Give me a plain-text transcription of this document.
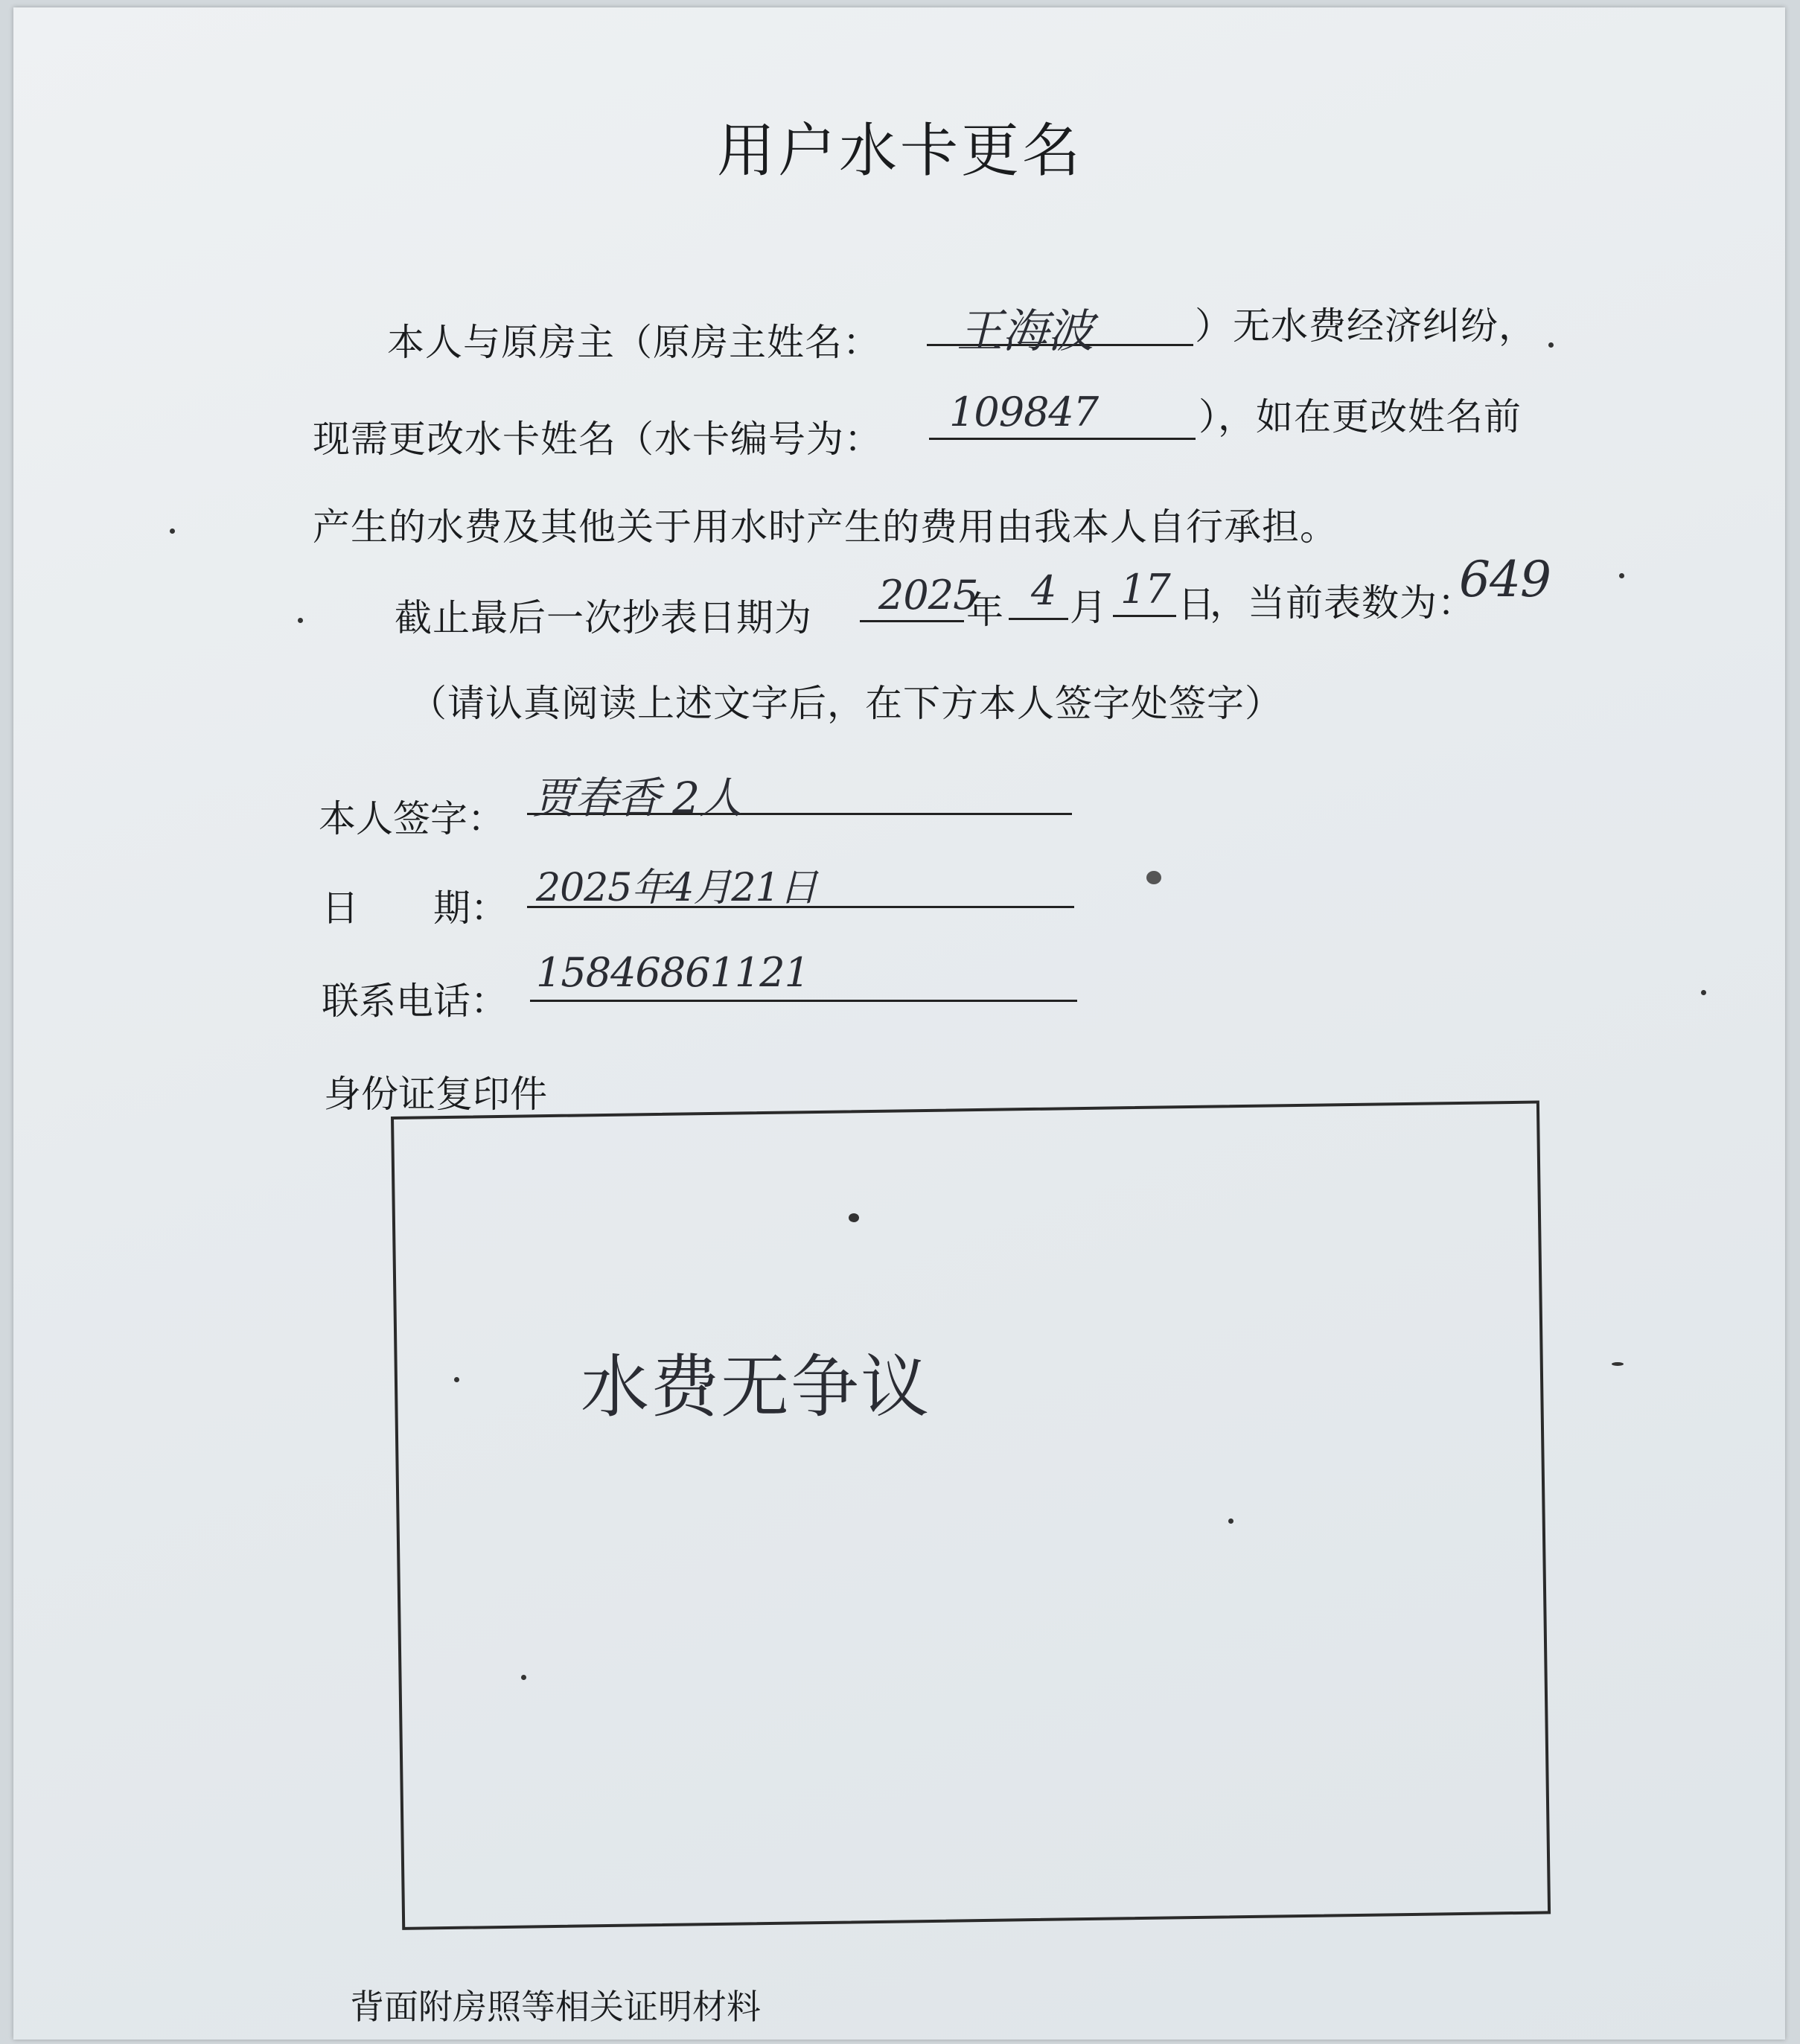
用户水卡更名
本人与原房主（原房主姓名： 王海波	）无水费经济纠纷，
现需更改水卡姓名（水卡编号为：
109847	），如在更改姓名前
产生的水费及其他关于用水时产生的费用由我本人自行承担。
截止最后一次抄表日期为 2025
年 4 月 17 日
，当前表数为：
649
（请认真阅读上述文字后，在下方本人签字处签字）
本人签字： 贾春香 2人
日　　期： 2025年4月21日
联系电话：
15846861121
身份证复印件
水费无争议
背面附房照等相关证明材料
